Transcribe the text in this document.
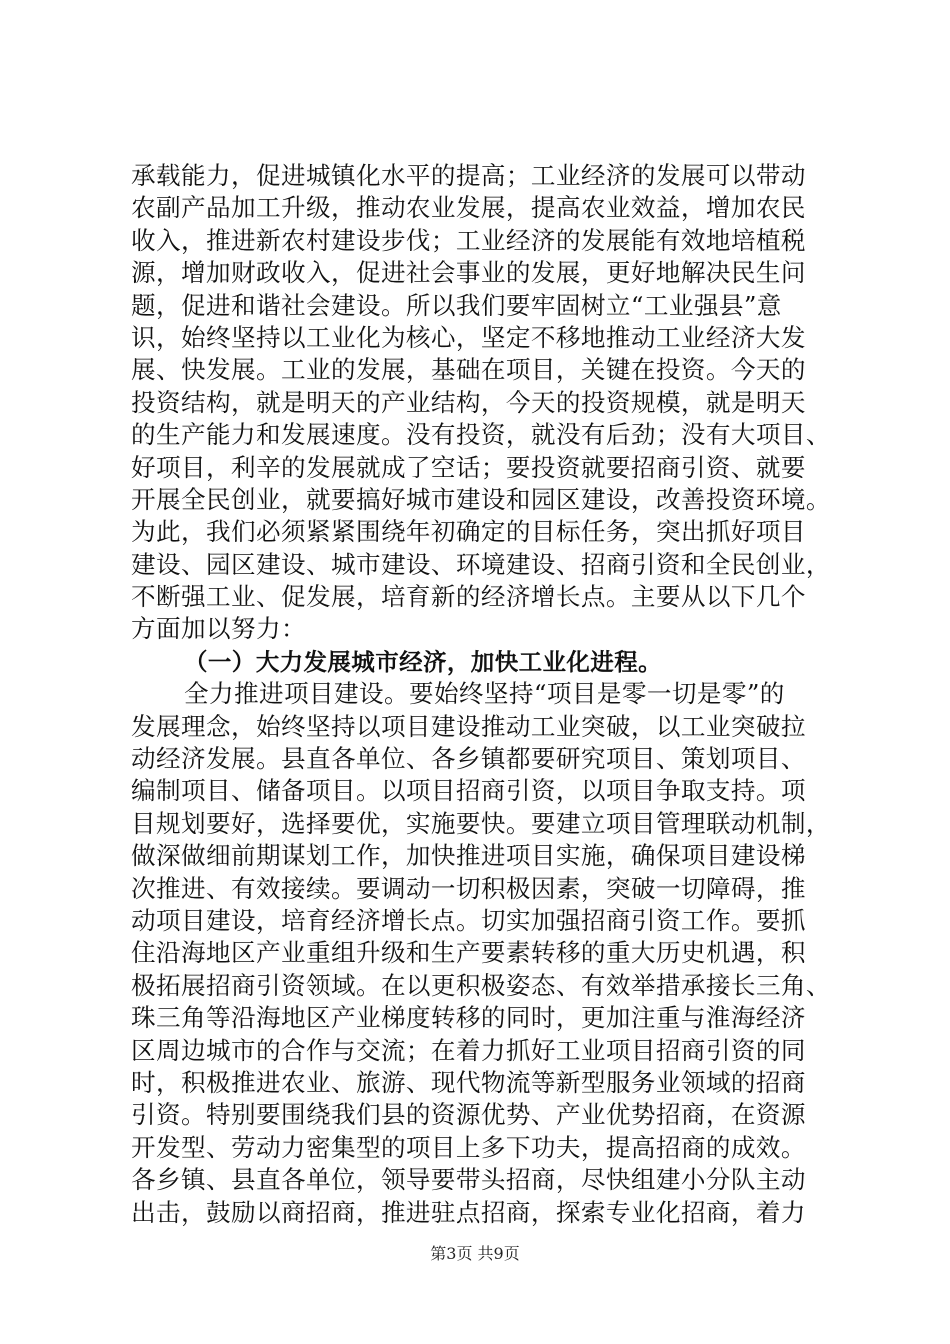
承载能力，促进城镇化水平的提高；工业经济的发展可以带动
农副产品加工升级，推动农业发展，提高农业效益，增加农民
收入，推进新农村建设步伐；工业经济的发展能有效地培植税
源，增加财政收入，促进社会事业的发展，更好地解决民生问
题，促进和谐社会建设。所以我们要牢固树立“工业强县”意
识，始终坚持以工业化为核心，坚定不移地推动工业经济大发
展、快发展。工业的发展，基础在项目，关键在投资。今天的
投资结构，就是明天的产业结构，今天的投资规模，就是明天
的生产能力和发展速度。没有投资，就没有后劲；没有大项目、
好项目，利辛的发展就成了空话；要投资就要招商引资、就要
开展全民创业，就要搞好城市建设和园区建设，改善投资环境。
为此，我们必须紧紧围绕年初确定的目标任务，突出抓好项目
建设、园区建设、城市建设、环境建设、招商引资和全民创业，
不断强工业、促发展，培育新的经济增长点。主要从以下几个
方面加以努力：
（一）大力发展城市经济，加快工业化进程。
全力推进项目建设。要始终坚持“项目是零一切是零”的
发展理念，始终坚持以项目建设推动工业突破，以工业突破拉
动经济发展。县直各单位、各乡镇都要研究项目、策划项目、
编制项目、储备项目。以项目招商引资，以项目争取支持。项
目规划要好，选择要优，实施要快。要建立项目管理联动机制，
做深做细前期谋划工作，加快推进项目实施，确保项目建设梯
次推进、有效接续。要调动一切积极因素，突破一切障碍，推
动项目建设，培育经济增长点。切实加强招商引资工作。要抓
住沿海地区产业重组升级和生产要素转移的重大历史机遇，积
极拓展招商引资领域。在以更积极姿态、有效举措承接长三角、
珠三角等沿海地区产业梯度转移的同时，更加注重与淮海经济
区周边城市的合作与交流；在着力抓好工业项目招商引资的同
时，积极推进农业、旅游、现代物流等新型服务业领域的招商
引资。特别要围绕我们县的资源优势、产业优势招商，在资源
开发型、劳动力密集型的项目上多下功夫，提高招商的成效。
各乡镇、县直各单位，领导要带头招商，尽快组建小分队主动
出击，鼓励以商招商，推进驻点招商，探索专业化招商，着力
第3页 共9页
